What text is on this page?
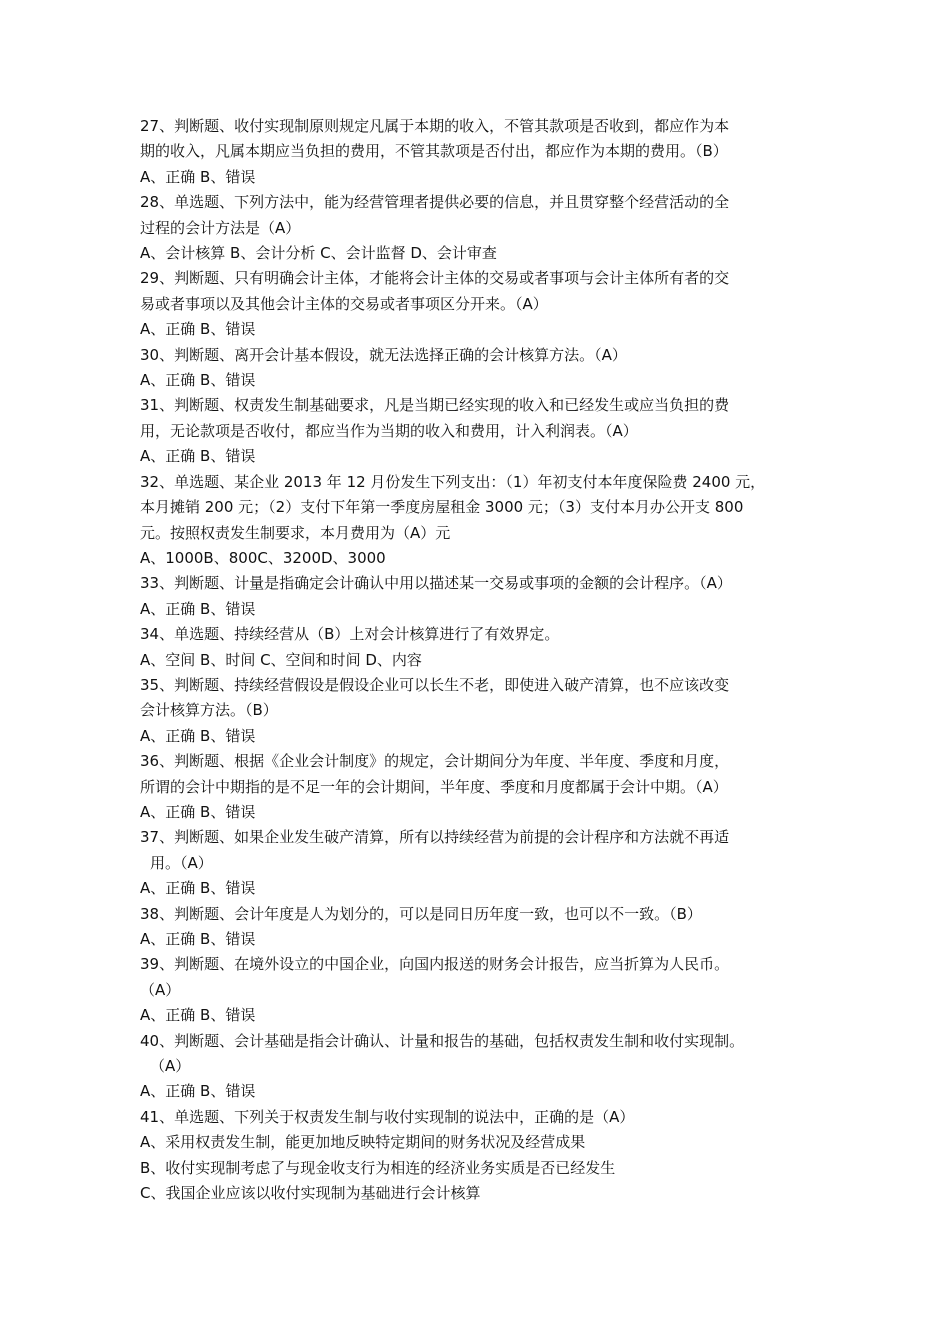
27、判断题、收付实现制原则规定凡属于本期的收入，不管其款项是否收到，都应作为本

期的收入，凡属本期应当负担的费用，不管其款项是否付出，都应作为本期的费用。（B）

A、正确 B、错误

28、单选题、下列方法中，能为经营管理者提供必要的信息，并且贯穿整个经营活动的全

过程的会计方法是（A）

A、会计核算 B、会计分析 C、会计监督 D、会计审查

29、判断题、只有明确会计主体，才能将会计主体的交易或者事项与会计主体所有者的交

易或者事项以及其他会计主体的交易或者事项区分开来。（A）

A、正确 B、错误

30、判断题、离开会计基本假设，就无法选择正确的会计核算方法。（A）

A、正确 B、错误

31、判断题、权责发生制基础要求，凡是当期已经实现的收入和已经发生或应当负担的费

用，无论款项是否收付，都应当作为当期的收入和费用，计入利润表。（A）

A、正确 B、错误

32、单选题、某企业 2013 年 12 月份发生下列支出：（1）年初支付本年度保险费 2400 元，

本月摊销 200 元；（2）支付下年第一季度房屋租金 3000 元；（3）支付本月办公开支 800

元。按照权责发生制要求，本月费用为（A）元

A、1000B、800C、3200D、3000

33、判断题、计量是指确定会计确认中用以描述某一交易或事项的金额的会计程序。（A）

A、正确 B、错误

34、单选题、持续经营从（B）上对会计核算进行了有效界定。

A、空间 B、时间 C、空间和时间 D、内容

35、判断题、持续经营假设是假设企业可以长生不老，即使进入破产清算，也不应该改变

会计核算方法。（B）

A、正确 B、错误

36、判断题、根据《企业会计制度》的规定，会计期间分为年度、半年度、季度和月度，

所谓的会计中期指的是不足一年的会计期间，半年度、季度和月度都属于会计中期。（A）

A、正确 B、错误

37、判断题、如果企业发生破产清算，所有以持续经营为前提的会计程序和方法就不再适

用。（A）

A、正确 B、错误

38、判断题、会计年度是人为划分的，可以是同日历年度一致，也可以不一致。（B）

A、正确 B、错误

39、判断题、在境外设立的中国企业，向国内报送的财务会计报告，应当折算为人民币。

（A）

A、正确 B、错误

40、判断题、会计基础是指会计确认、计量和报告的基础，包括权责发生制和收付实现制。

（A）

A、正确 B、错误

41、单选题、下列关于权责发生制与收付实现制的说法中，正确的是（A）

A、采用权责发生制，能更加地反映特定期间的财务状况及经营成果

B、收付实现制考虑了与现金收支行为相连的经济业务实质是否已经发生

C、我国企业应该以收付实现制为基础进行会计核算
